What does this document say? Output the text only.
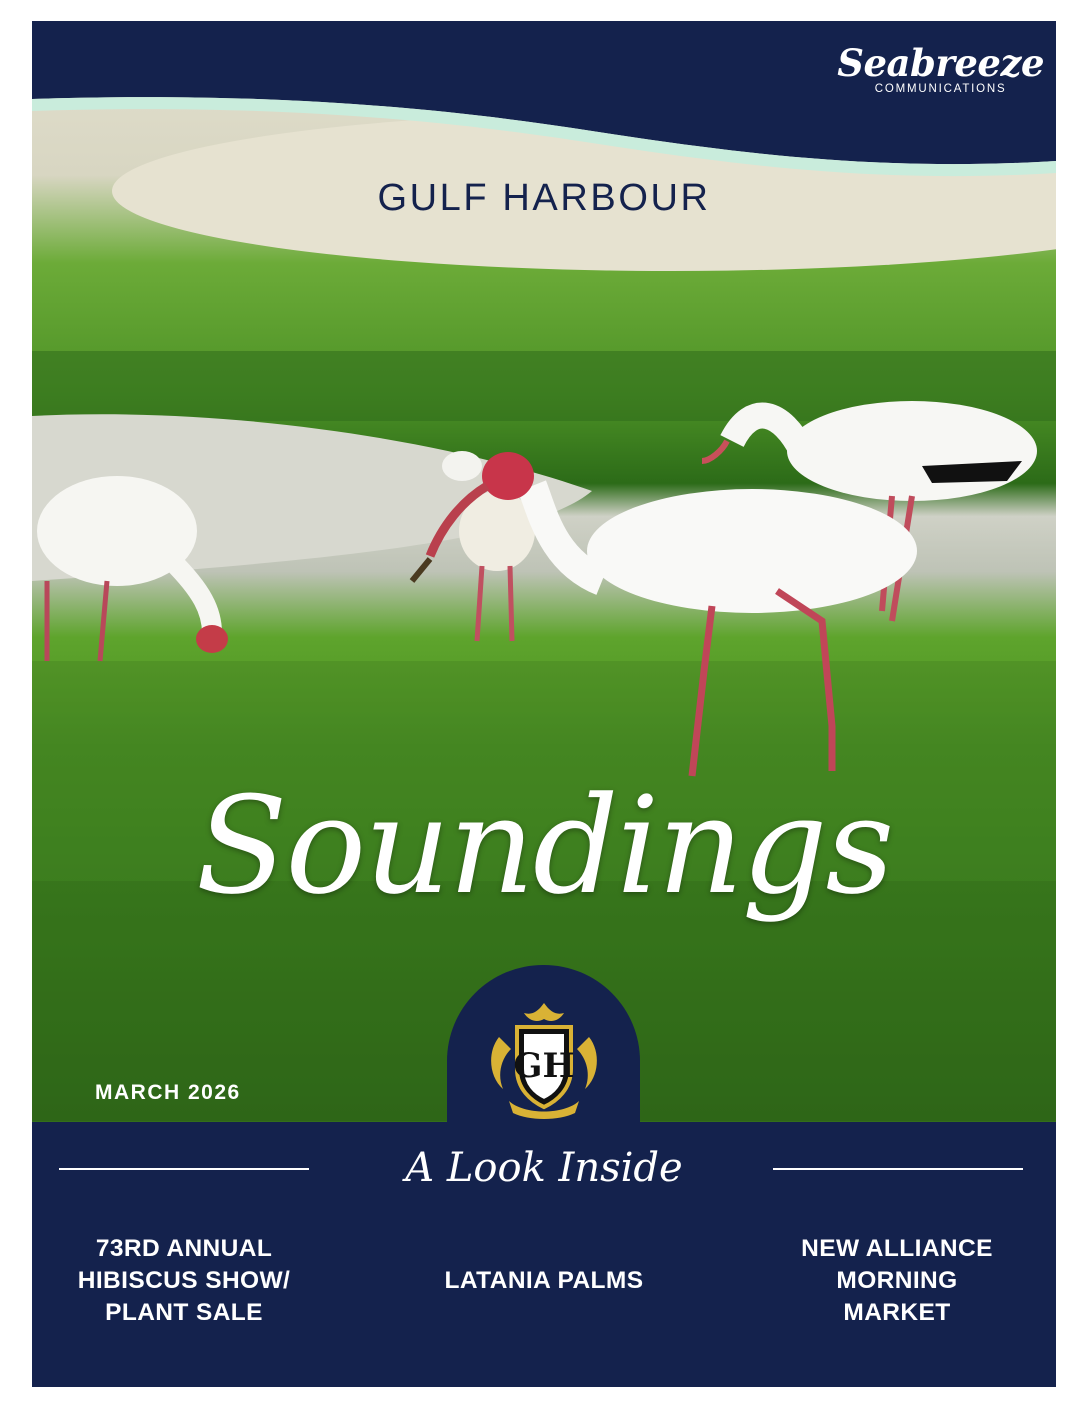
Seabreeze
COMMUNICATIONS
GULF HARBOUR
Soundings
MARCH 2026
GH
A Look Inside
73RD ANNUAL
HIBISCUS SHOW/
PLANT SALE
LATANIA PALMS
NEW ALLIANCE
MORNING
MARKET
